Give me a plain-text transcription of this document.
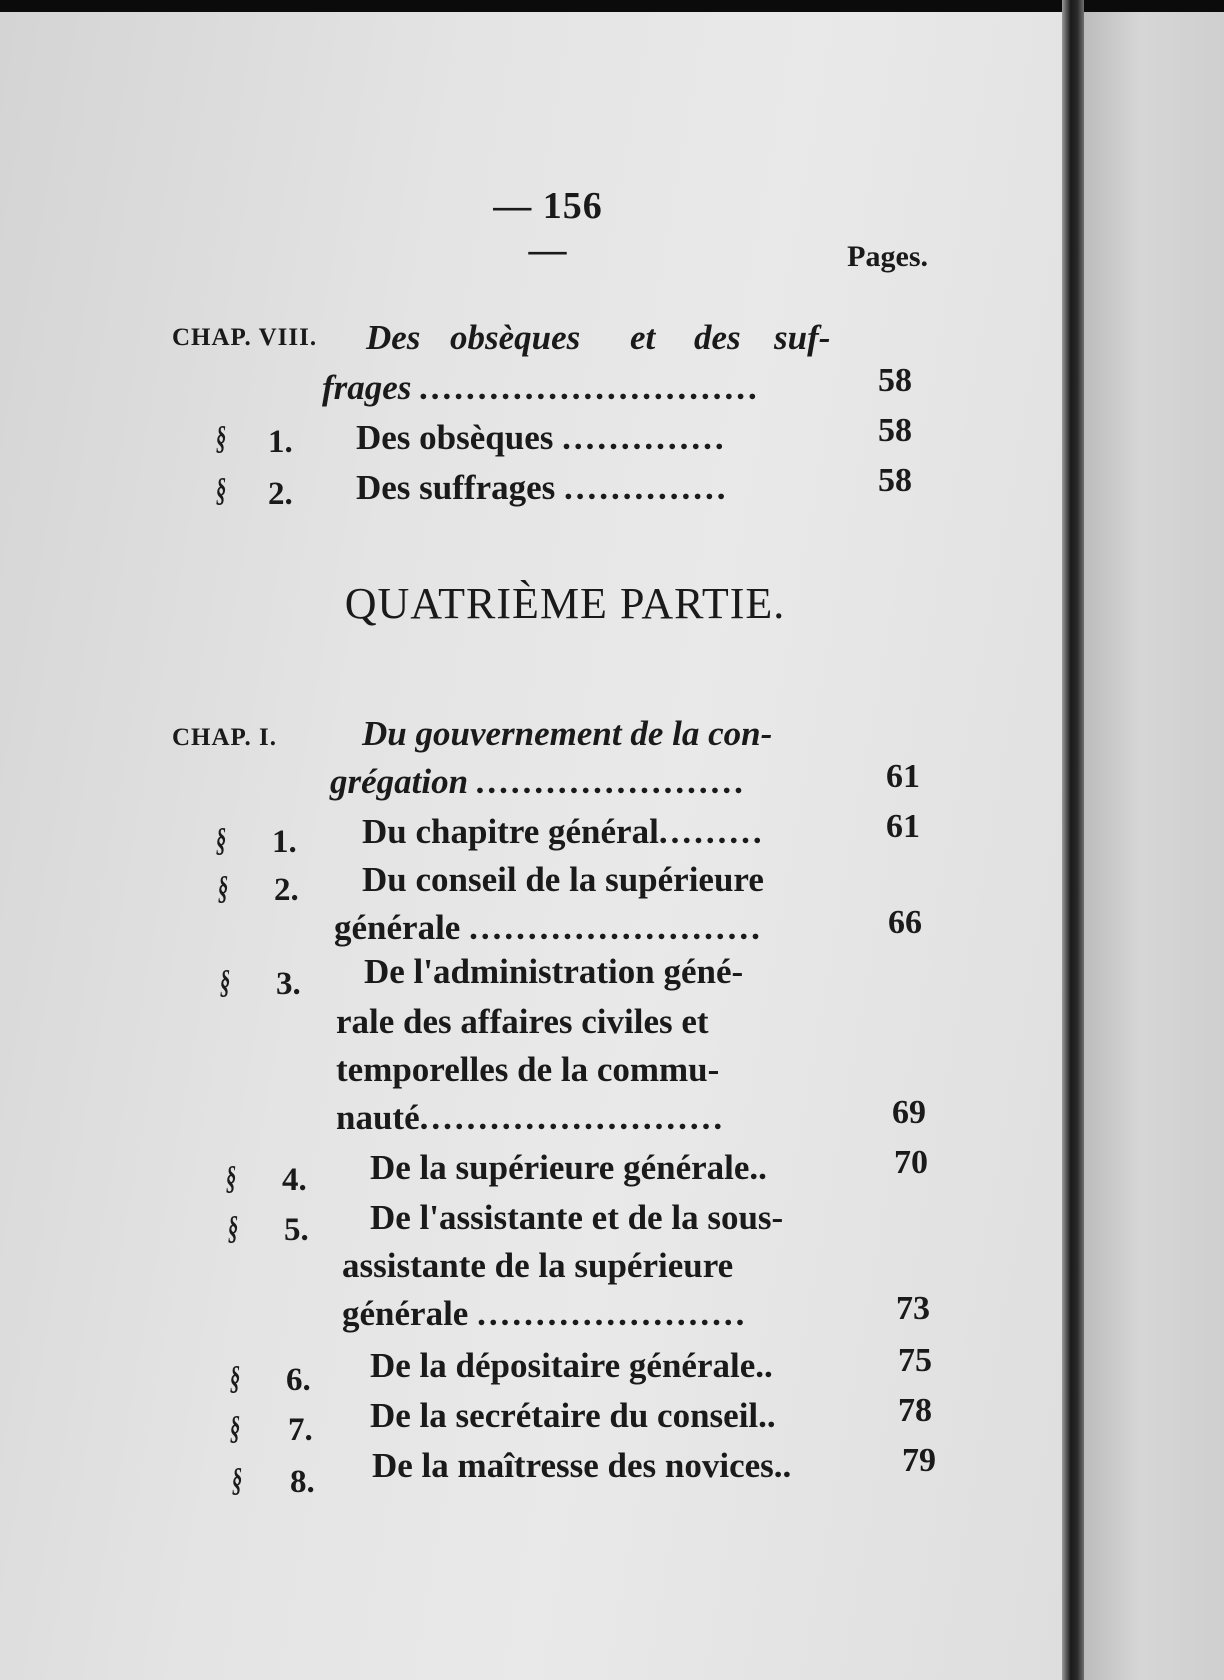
— 156 —	Pages.
CHAP. VIII. Des obsèques et des suf-
frages .............................	58
§ 1. Des obsèques ..............	58
§ 2. Des suffrages ..............	58
QUATRIÈME PARTIE.
CHAP. I. Du gouvernement de la con-
grégation .......................	61
§ 1. Du chapitre général.........	61
§ 2. Du conseil de la supérieure
générale .........................	66
§ 3. De l'administration géné-
rale des affaires civiles et
temporelles de la commu-
nauté..........................	69
§ 4. De la supérieure générale..	70
§ 5. De l'assistante et de la sous-
assistante de la supérieure
générale .......................	73
§ 6. De la dépositaire générale..	75
§ 7. De la secrétaire du conseil..	78
§ 8. De la maîtresse des novices..	79
